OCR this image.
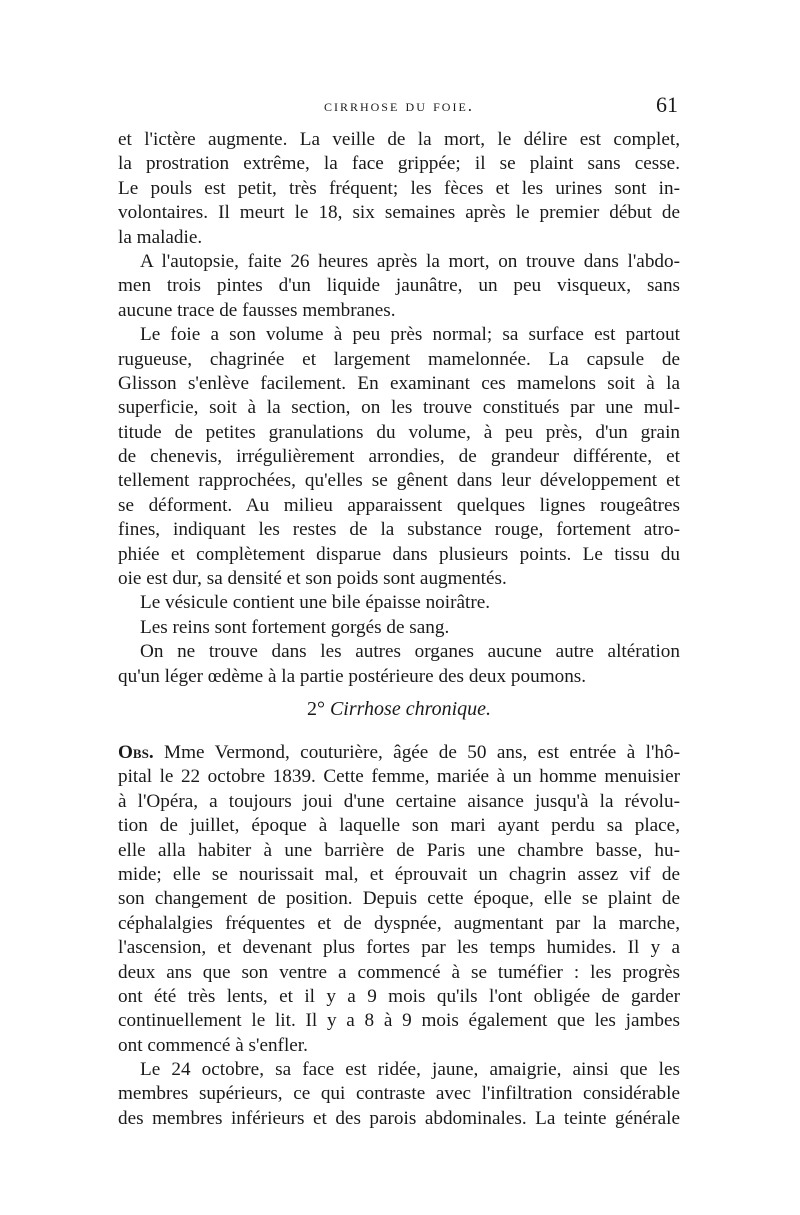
cirrhose du foie.	61
et l'ictère augmente. La veille de la mort, le délire est complet,
la prostration extrême, la face grippée; il se plaint sans cesse.
Le pouls est petit, très fréquent; les fèces et les urines sont in-
volontaires. Il meurt le 18, six semaines après le premier début de
la maladie.
A l'autopsie, faite 26 heures après la mort, on trouve dans l'abdo-
men trois pintes d'un liquide jaunâtre, un peu visqueux, sans
aucune trace de fausses membranes.
Le foie a son volume à peu près normal; sa surface est partout
rugueuse, chagrinée et largement mamelonnée. La capsule de
Glisson s'enlève facilement. En examinant ces mamelons soit à la
superficie, soit à la section, on les trouve constitués par une mul-
titude de petites granulations du volume, à peu près, d'un grain
de chenevis, irrégulièrement arrondies, de grandeur différente, et
tellement rapprochées, qu'elles se gênent dans leur développement et
se déforment. Au milieu apparaissent quelques lignes rougeâtres
fines, indiquant les restes de la substance rouge, fortement atro-
phiée et complètement disparue dans plusieurs points. Le tissu du
oie est dur, sa densité et son poids sont augmentés.
Le vésicule contient une bile épaisse noirâtre.
Les reins sont fortement gorgés de sang.
On ne trouve dans les autres organes aucune autre altération
qu'un léger œdème à la partie postérieure des deux poumons.
2° Cirrhose chronique.
Obs. Mme Vermond, couturière, âgée de 50 ans, est entrée à l'hô-
pital le 22 octobre 1839. Cette femme, mariée à un homme menuisier
à l'Opéra, a toujours joui d'une certaine aisance jusqu'à la révolu-
tion de juillet, époque à laquelle son mari ayant perdu sa place,
elle alla habiter à une barrière de Paris une chambre basse, hu-
mide; elle se nourissait mal, et éprouvait un chagrin assez vif de
son changement de position. Depuis cette époque, elle se plaint de
céphalalgies fréquentes et de dyspnée, augmentant par la marche,
l'ascension, et devenant plus fortes par les temps humides. Il y a
deux ans que son ventre a commencé à se tuméfier : les progrès
ont été très lents, et il y a 9 mois qu'ils l'ont obligée de garder
continuellement le lit. Il y a 8 à 9 mois également que les jambes
ont commencé à s'enfler.
Le 24 octobre, sa face est ridée, jaune, amaigrie, ainsi que les
membres supérieurs, ce qui contraste avec l'infiltration considérable
des membres inférieurs et des parois abdominales. La teinte générale
